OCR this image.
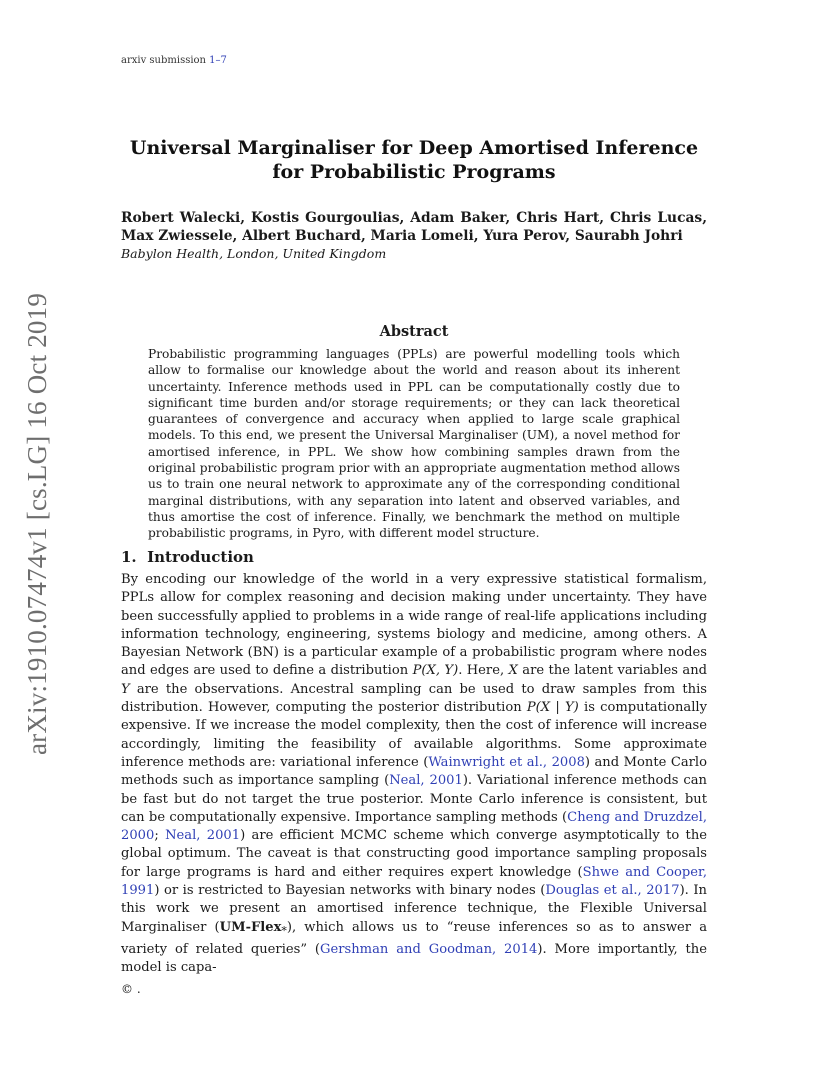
arxiv submission 1–7
arXiv:1910.07474v1 [cs.LG] 16 Oct 2019
Universal Marginaliser for Deep Amortised Inference for Probabilistic Programs
Robert Walecki, Kostis Gourgoulias, Adam Baker, Chris Hart, Chris Lucas, Max Zwiessele, Albert Buchard, Maria Lomeli, Yura Perov, Saurabh Johri
Babylon Health, London, United Kingdom
Abstract
Probabilistic programming languages (PPLs) are powerful modelling tools which allow to formalise our knowledge about the world and reason about its inherent uncertainty. Inference methods used in PPL can be computationally costly due to significant time burden and/or storage requirements; or they can lack theoretical guarantees of convergence and accuracy when applied to large scale graphical models. To this end, we present the Universal Marginaliser (UM), a novel method for amortised inference, in PPL. We show how combining samples drawn from the original probabilistic program prior with an appropriate augmentation method allows us to train one neural network to approximate any of the corresponding conditional marginal distributions, with any separation into latent and observed variables, and thus amortise the cost of inference. Finally, we benchmark the method on multiple probabilistic programs, in Pyro, with different model structure.
1. Introduction
By encoding our knowledge of the world in a very expressive statistical formalism, PPLs allow for complex reasoning and decision making under uncertainty. They have been successfully applied to problems in a wide range of real-life applications including information technology, engineering, systems biology and medicine, among others. A Bayesian Network (BN) is a particular example of a probabilistic program where nodes and edges are used to define a distribution P(X, Y). Here, X are the latent variables and Y are the observations. Ancestral sampling can be used to draw samples from this distribution. However, computing the posterior distribution P(X | Y) is computationally expensive. If we increase the model complexity, then the cost of inference will increase accordingly, limiting the feasibility of available algorithms. Some approximate inference methods are: variational inference (Wainwright et al., 2008) and Monte Carlo methods such as importance sampling (Neal, 2001). Variational inference methods can be fast but do not target the true posterior. Monte Carlo inference is consistent, but can be computationally expensive. Importance sampling methods (Cheng and Druzdzel, 2000; Neal, 2001) are efficient MCMC scheme which converge asymptotically to the global optimum. The caveat is that constructing good importance sampling proposals for large programs is hard and either requires expert knowledge (Shwe and Cooper, 1991) or is restricted to Bayesian networks with binary nodes (Douglas et al., 2017). In this work we present an amortised inference technique, the Flexible Universal Marginaliser (UM-Flex$_*$), which allows us to “reuse inferences so as to answer a variety of related queries” (Gershman and Goodman, 2014). More importantly, the model is capa-
© .
